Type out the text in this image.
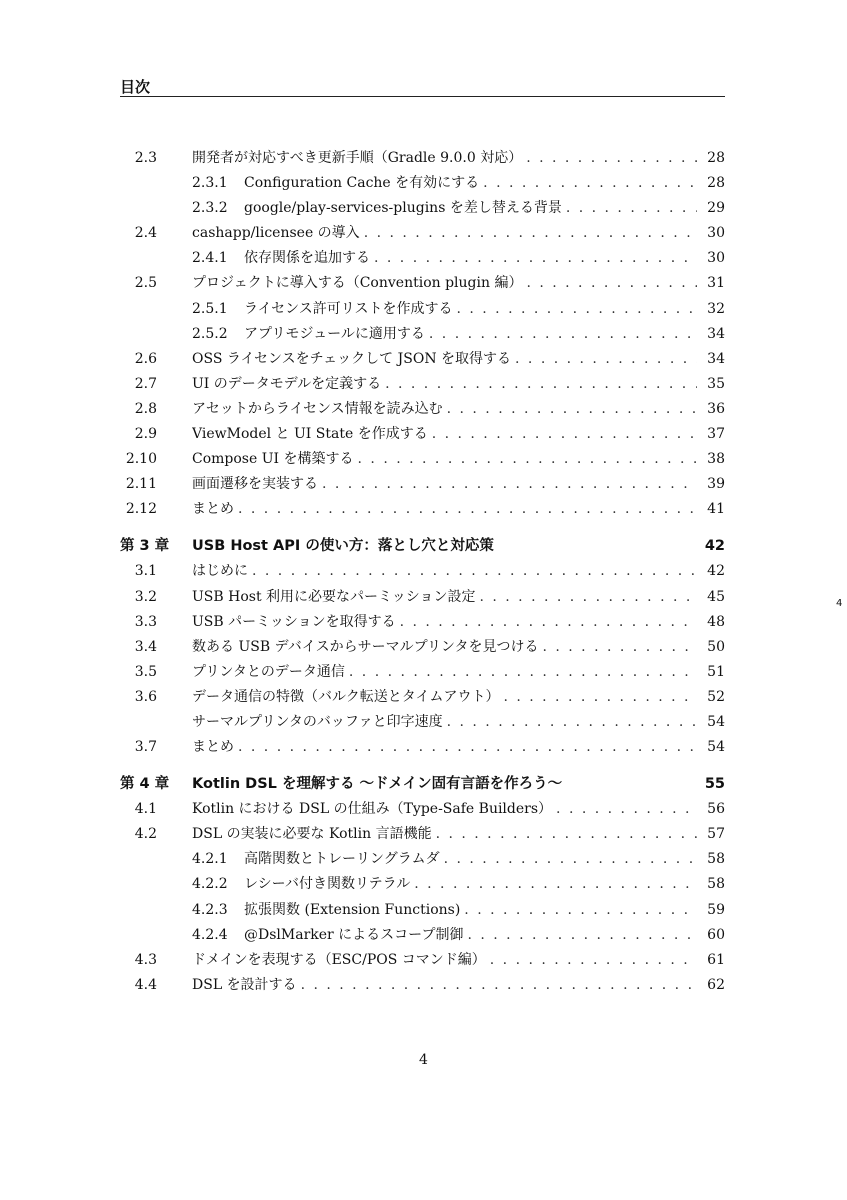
目次
2.3	開発者が対応すべき更新手順（Gradle 9.0.0 対応） . . .	28
2.3.1 Configuration Cache を有効にする . . .	28
2.3.2 google/play-services-plugins を差し替える背景 . . .	29
2.4	cashapp/licensee の導入 . . .	30
2.4.1 依存関係を追加する . . .	30
2.5	プロジェクトに導入する（Convention plugin 編） . . .	31
2.5.1 ライセンス許可リストを作成する . . .	32
2.5.2 アプリモジュールに適用する . . .	34
2.6	OSS ライセンスをチェックして JSON を取得する . . .	34
2.7	UI のデータモデルを定義する . . .	35
2.8	アセットからライセンス情報を読み込む . . .	36
2.9	ViewModel と UI State を作成する . . .	37
2.10	Compose UI を構築する . . .	38
2.11	画面遷移を実装する . . .	39
2.12	まとめ . . .	41
第 3 章 USB Host API の使い方：落とし穴と対応策	42
3.1	はじめに . . .	42
3.2	USB Host 利用に必要なパーミッション設定 . . .	45
3.3	USB パーミッションを取得する . . .	48
3.4	数ある USB デバイスからサーマルプリンタを見つける . . .	50
3.5	プリンタとのデータ通信 . . .	51
3.6	データ通信の特徴（バルク転送とタイムアウト） . . .	52
サーマルプリンタのバッファと印字速度 . . .	54
3.7	まとめ . . .	54
第 4 章 Kotlin DSL を理解する 〜ドメイン固有言語を作ろう〜	55
4.1	Kotlin における DSL の仕組み（Type-Safe Builders） . . .	56
4.2	DSL の実装に必要な Kotlin 言語機能 . . .	57
4.2.1 高階関数とトレーリングラムダ . . .	58
4.2.2 レシーバ付き関数リテラル . . .	58
4.2.3 拡張関数 (Extension Functions) . . .	59
4.2.4 @DslMarker によるスコープ制御 . . .	60
4.3	ドメインを表現する（ESC/POS コマンド編） . . .	61
4.4	DSL を設計する . . .	62
4
4
